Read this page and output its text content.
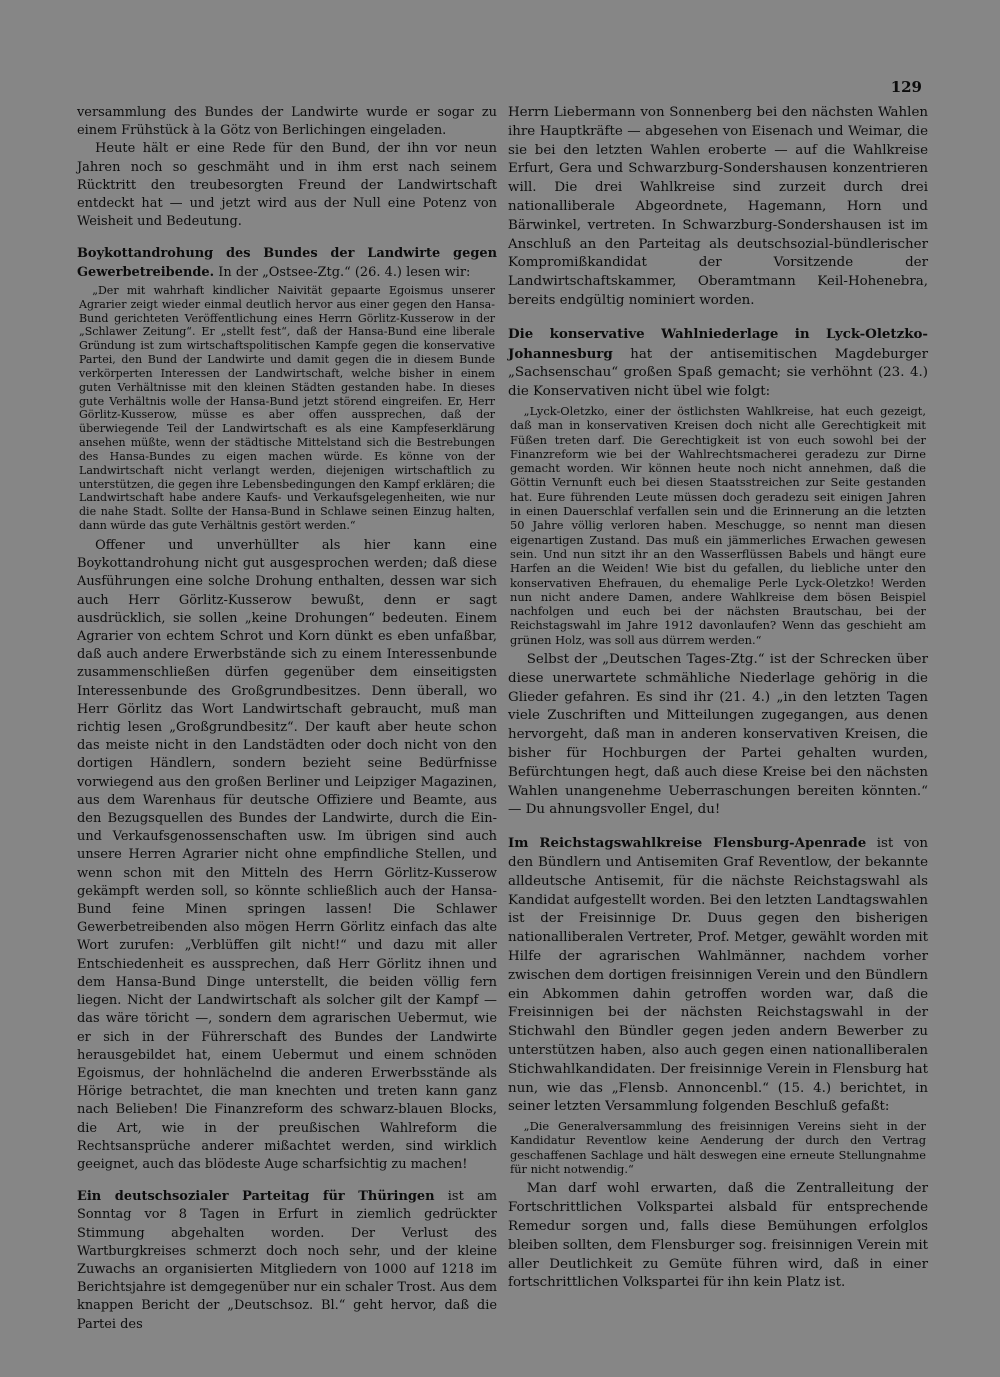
129

versammlung des Bundes der Landwirte wurde er sogar zu einem Frühstück à la Götz von Berlichingen eingeladen.

Heute hält er eine Rede für den Bund, der ihn vor neun Jahren noch so geschmäht und in ihm erst nach seinem Rücktritt den treubesorgten Freund der Landwirtschaft entdeckt hat — und jetzt wird aus der Null eine Potenz von Weisheit und Bedeutung.

Boykottandrohung des Bundes der Landwirte gegen Gewerbetreibende. In der „Ostsee-Ztg.“ (26. 4.) lesen wir:

„Der mit wahrhaft kindlicher Naivität gepaarte Egoismus unserer Agrarier zeigt wieder einmal deutlich hervor aus einer gegen den Hansa-Bund gerichteten Veröffentlichung eines Herrn Görlitz-Kusserow in der „Schlawer Zeitung“. Er „stellt fest“, daß der Hansa-Bund eine liberale Gründung ist zum wirtschaftspolitischen Kampfe gegen die konservative Partei, den Bund der Landwirte und damit gegen die in diesem Bunde verkörperten Interessen der Landwirtschaft, welche bisher in einem guten Verhältnisse mit den kleinen Städten gestanden habe. In dieses gute Verhältnis wolle der Hansa-Bund jetzt störend eingreifen. Er, Herr Görlitz-Kusserow, müsse es aber offen aussprechen, daß der überwiegende Teil der Landwirtschaft es als eine Kampfeserklärung ansehen müßte, wenn der städtische Mittelstand sich die Bestrebungen des Hansa-Bundes zu eigen machen würde. Es könne von der Landwirtschaft nicht verlangt werden, diejenigen wirtschaftlich zu unterstützen, die gegen ihre Lebensbedingungen den Kampf erklären; die Landwirtschaft habe andere Kaufs- und Verkaufsgelegenheiten, wie nur die nahe Stadt. Sollte der Hansa-Bund in Schlawe seinen Einzug halten, dann würde das gute Verhältnis gestört werden.“

Offener und unverhüllter als hier kann eine Boykottandrohung nicht gut ausgesprochen werden; daß diese Ausführungen eine solche Drohung enthalten, dessen war sich auch Herr Görlitz-Kusserow bewußt, denn er sagt ausdrücklich, sie sollen „keine Drohungen“ bedeuten. Einem Agrarier von echtem Schrot und Korn dünkt es eben unfaßbar, daß auch andere Erwerbstände sich zu einem Interessenbunde zusammenschließen dürfen gegenüber dem einseitigsten Interessenbunde des Großgrundbesitzes. Denn überall, wo Herr Görlitz das Wort Landwirtschaft gebraucht, muß man richtig lesen „Großgrundbesitz“. Der kauft aber heute schon das meiste nicht in den Landstädten oder doch nicht von den dortigen Händlern, sondern bezieht seine Bedürfnisse vorwiegend aus den großen Berliner und Leipziger Magazinen, aus dem Warenhaus für deutsche Offiziere und Beamte, aus den Bezugsquellen des Bundes der Landwirte, durch die Ein- und Verkaufsgenossenschaften usw. Im übrigen sind auch unsere Herren Agrarier nicht ohne empfindliche Stellen, und wenn schon mit den Mitteln des Herrn Görlitz-Kusserow gekämpft werden soll, so könnte schließlich auch der Hansa-Bund feine Minen springen lassen! Die Schlawer Gewerbetreibenden also mögen Herrn Görlitz einfach das alte Wort zurufen: „Verblüffen gilt nicht!“ und dazu mit aller Entschiedenheit es aussprechen, daß Herr Görlitz ihnen und dem Hansa-Bund Dinge unterstellt, die beiden völlig fern liegen. Nicht der Landwirtschaft als solcher gilt der Kampf — das wäre töricht —, sondern dem agrarischen Uebermut, wie er sich in der Führerschaft des Bundes der Landwirte herausgebildet hat, einem Uebermut und einem schnöden Egoismus, der hohnlächelnd die anderen Erwerbsstände als Hörige betrachtet, die man knechten und treten kann ganz nach Belieben! Die Finanzreform des schwarz-blauen Blocks, die Art, wie in der preußischen Wahlreform die Rechtsansprüche anderer mißachtet werden, sind wirklich geeignet, auch das blödeste Auge scharfsichtig zu machen!

Ein deutschsozialer Parteitag für Thüringen ist am Sonntag vor 8 Tagen in Erfurt in ziemlich gedrückter Stimmung abgehalten worden. Der Verlust des Wartburgkreises schmerzt doch noch sehr, und der kleine Zuwachs an organisierten Mitgliedern von 1000 auf 1218 im Berichtsjahre ist demgegenüber nur ein schaler Trost. Aus dem knappen Bericht der „Deutschsoz. Bl.“ geht hervor, daß die Partei des

Herrn Liebermann von Sonnenberg bei den nächsten Wahlen ihre Hauptkräfte — abgesehen von Eisenach und Weimar, die sie bei den letzten Wahlen eroberte — auf die Wahlkreise Erfurt, Gera und Schwarzburg-Sondershausen konzentrieren will. Die drei Wahlkreise sind zurzeit durch drei nationalliberale Abgeordnete, Hagemann, Horn und Bärwinkel, vertreten. In Schwarzburg-Sondershausen ist im Anschluß an den Parteitag als deutschsozial-bündlerischer Kompromißkandidat der Vorsitzende der Landwirtschaftskammer, Oberamtmann Keil-Hohenebra, bereits endgültig nominiert worden.

Die konservative Wahlniederlage in Lyck-Oletzko-Johannesburg hat der antisemitischen Magdeburger „Sachsenschau“ großen Spaß gemacht; sie verhöhnt (23. 4.) die Konservativen nicht übel wie folgt:

„Lyck-Oletzko, einer der östlichsten Wahlkreise, hat euch gezeigt, daß man in konservativen Kreisen doch nicht alle Gerechtigkeit mit Füßen treten darf. Die Gerechtigkeit ist von euch sowohl bei der Finanzreform wie bei der Wahlrechtsmacherei geradezu zur Dirne gemacht worden. Wir können heute noch nicht annehmen, daß die Göttin Vernunft euch bei diesen Staatsstreichen zur Seite gestanden hat. Eure führenden Leute müssen doch geradezu seit einigen Jahren in einen Dauerschlaf verfallen sein und die Erinnerung an die letzten 50 Jahre völlig verloren haben. Meschugge, so nennt man diesen eigenartigen Zustand. Das muß ein jämmerliches Erwachen gewesen sein. Und nun sitzt ihr an den Wasserflüssen Babels und hängt eure Harfen an die Weiden! Wie bist du gefallen, du liebliche unter den konservativen Ehefrauen, du ehemalige Perle Lyck-Oletzko! Werden nun nicht andere Damen, andere Wahlkreise dem bösen Beispiel nachfolgen und euch bei der nächsten Brautschau, bei der Reichstagswahl im Jahre 1912 davonlaufen? Wenn das geschieht am grünen Holz, was soll aus dürrem werden.“

Selbst der „Deutschen Tages-Ztg.“ ist der Schrecken über diese unerwartete schmähliche Niederlage gehörig in die Glieder gefahren. Es sind ihr (21. 4.) „in den letzten Tagen viele Zuschriften und Mitteilungen zugegangen, aus denen hervorgeht, daß man in anderen konservativen Kreisen, die bisher für Hochburgen der Partei gehalten wurden, Befürchtungen hegt, daß auch diese Kreise bei den nächsten Wahlen unangenehme Ueberraschungen bereiten könnten.“ — Du ahnungsvoller Engel, du!

Im Reichstagswahlkreise Flensburg-Apenrade ist von den Bündlern und Antisemiten Graf Reventlow, der bekannte alldeutsche Antisemit, für die nächste Reichstagswahl als Kandidat aufgestellt worden. Bei den letzten Landtagswahlen ist der Freisinnige Dr. Duus gegen den bisherigen nationalliberalen Vertreter, Prof. Metger, gewählt worden mit Hilfe der agrarischen Wahlmänner, nachdem vorher zwischen dem dortigen freisinnigen Verein und den Bündlern ein Abkommen dahin getroffen worden war, daß die Freisinnigen bei der nächsten Reichstagswahl in der Stichwahl den Bündler gegen jeden andern Bewerber zu unterstützen haben, also auch gegen einen nationalliberalen Stichwahlkandidaten. Der freisinnige Verein in Flensburg hat nun, wie das „Flensb. Annoncenbl.“ (15. 4.) berichtet, in seiner letzten Versammlung folgenden Beschluß gefaßt:

„Die Generalversammlung des freisinnigen Vereins sieht in der Kandidatur Reventlow keine Aenderung der durch den Vertrag geschaffenen Sachlage und hält deswegen eine erneute Stellungnahme für nicht notwendig.“

Man darf wohl erwarten, daß die Zentralleitung der Fortschrittlichen Volkspartei alsbald für entsprechende Remedur sorgen und, falls diese Bemühungen erfolglos bleiben sollten, dem Flensburger sog. freisinnigen Verein mit aller Deutlichkeit zu Gemüte führen wird, daß in einer fortschrittlichen Volkspartei für ihn kein Platz ist.
